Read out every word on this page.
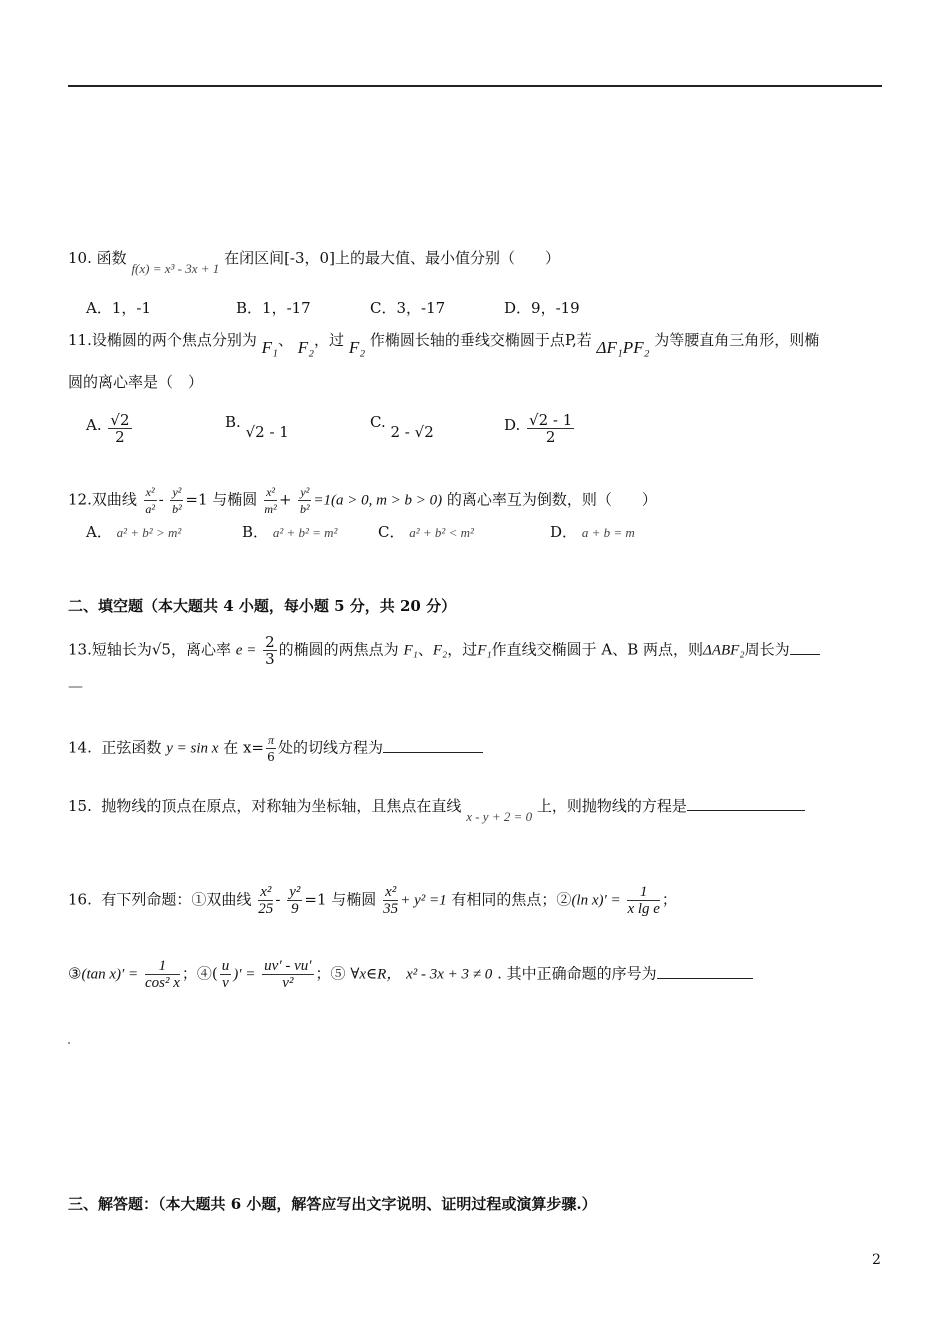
10. 函数 f(x) = x³ - 3x + 1 在闭区间[-3，0]上的最大值、最小值分别（　　）
A．1，-1	B．1，-17	C．3，-17	D．9，-19
11.设椭圆的两个焦点分别为 F₁、 F₂，过 F₂ 作椭圆长轴的垂线交椭圆于点P,若 ΔF₁PF₂ 为等腰直角三角形，则椭
圆的离心率是（　）
A. $\frac{√2}{2}$	B. √2 - 1
C. 2 - √2	D. $\frac{√2 - 1}{2}$
12.双曲线 $\frac{\text{x²}}{\text{a²}} - \frac{\text{y²}}{\text{b²}} =1$ 与椭圆 $\frac{\text{x²}}{\text{m²}} + \frac{\text{y²}}{\text{b²}} =1(a > 0$, m > b > 0) 的离心率互为倒数，则（　　）
A． a² + b² > m²	B． a² + b² = m²	C． a² + b² < m²	D． a + b = m
二、填空题（本大题共 4 小题，每小题 5 分，共 20 分）
13.短轴长为√5，离心率 $e = \frac{2}{3}$ 的椭圆的两焦点为 F₁、F₂，过F₁作直线交椭圆于 A、B 两点，则ΔABF₂周长为
—
14. 正弦函数 y = sin x 在 $x= \frac{\pi}{6}$ 处的切线方程为
15. 抛物线的顶点在原点，对称轴为坐标轴，且焦点在直线 x - y + 2 = 0 上，则抛物线的方程是
16. 有下列命题：①双曲线 $\frac{\text{x²}}{25} - \frac{\text{y²}}{9} =1$ 与椭圆 $\frac{\text{x²}}{35} + y^2 =1$ 有相同的焦点；②(ln $x)' = \frac{1}{\text{x lg e}}$ ；
③(tan $x)' = \frac{1}{\text{cos² x}}$ ；④( $\frac{u}{v}$ )′ = $\frac{uv' - vu'}{\text{v²}}$ ；⑤ ∀x∈R， x² - 3x + 3 ≠ 0 . 其中正确命题的序号为
三、解答题：（本大题共 6 小题，解答应写出文字说明、证明过程或演算步骤.）
2
